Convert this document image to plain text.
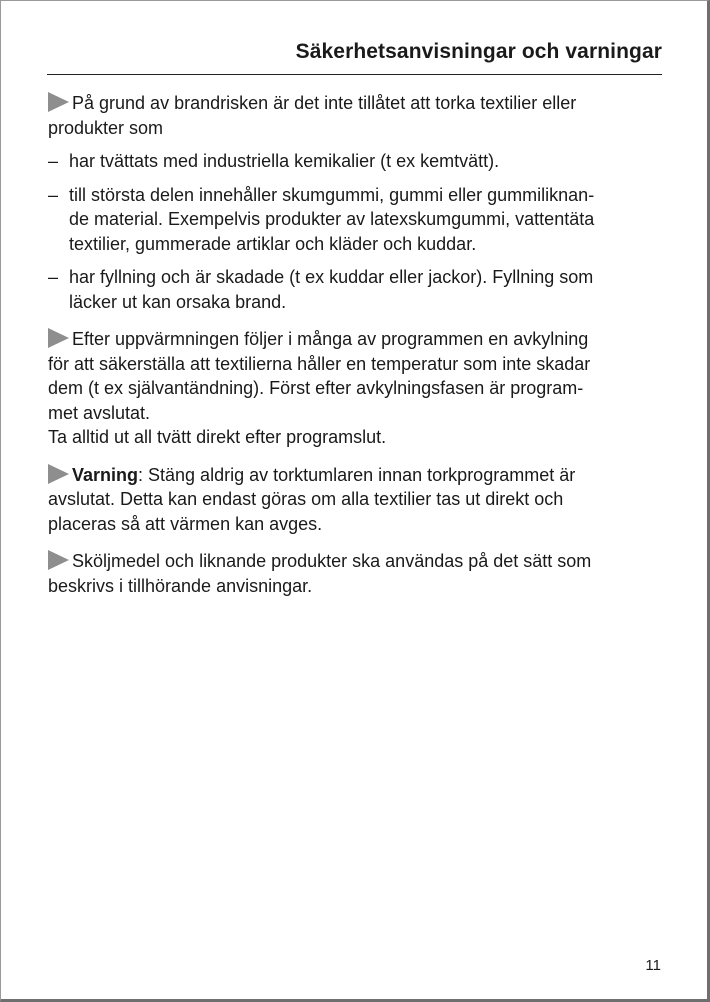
Säkerhetsanvisningar och varningar
På grund av brandrisken är det inte tillåtet att torka textilier eller
produkter som
– har tvättats med industriella kemikalier (t ex kemtvätt).
– till största delen innehåller skumgummi, gummi eller gummiliknan-
de material. Exempelvis produkter av latexskumgummi, vattentäta
textilier, gummerade artiklar och kläder och kuddar.
– har fyllning och är skadade (t ex kuddar eller jackor). Fyllning som
läcker ut kan orsaka brand.
Efter uppvärmningen följer i många av programmen en avkylning
för att säkerställa att textilierna håller en temperatur som inte skadar
dem (t ex självantändning). Först efter avkylningsfasen är program-
met avslutat.
Ta alltid ut all tvätt direkt efter programslut.
Varning: Stäng aldrig av torktumlaren innan torkprogrammet är
avslutat. Detta kan endast göras om alla textilier tas ut direkt och
placeras så att värmen kan avges.
Sköljmedel och liknande produkter ska användas på det sätt som
beskrivs i tillhörande anvisningar.
11
